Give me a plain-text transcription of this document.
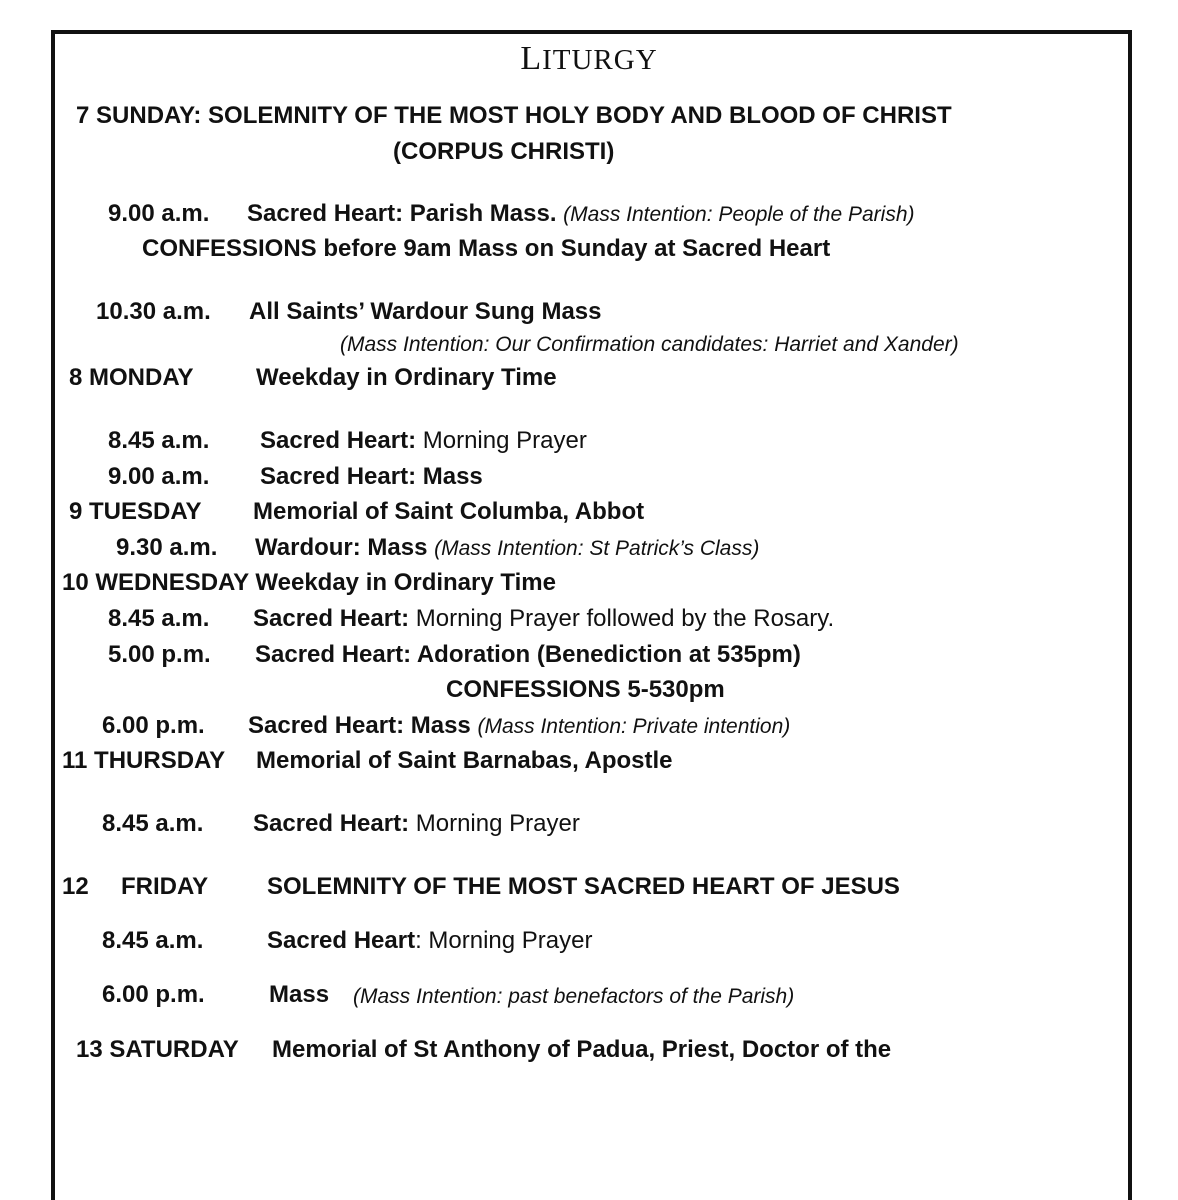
LITURGY
7 SUNDAY: SOLEMNITY OF THE MOST HOLY BODY AND BLOOD OF CHRIST
(CORPUS CHRISTI)
9.00 a.m. Sacred Heart: Parish Mass. (Mass Intention: People of the Parish)
CONFESSIONS before 9am Mass on Sunday at Sacred Heart
10.30 a.m. All Saints’ Wardour Sung Mass
(Mass Intention: Our Confirmation candidates: Harriet and Xander)
8 MONDAY	Weekday in Ordinary Time
8.45 a.m. Sacred Heart: Morning Prayer
9.00 a.m. Sacred Heart: Mass
9 TUESDAY Memorial of Saint Columba, Abbot
9.30 a.m. Wardour: Mass (Mass Intention: St Patrick’s Class)
10 WEDNESDAY Weekday in Ordinary Time
8.45 a.m. Sacred Heart: Morning Prayer followed by the Rosary.
5.00 p.m. Sacred Heart: Adoration (Benediction at 535pm)
CONFESSIONS 5-530pm
6.00 p.m. Sacred Heart: Mass (Mass Intention: Private intention)
11 THURSDAY Memorial of Saint Barnabas, Apostle
8.45 a.m. Sacred Heart: Morning Prayer
12 FRIDAY SOLEMNITY OF THE MOST SACRED HEART OF JESUS
8.45 a.m.	Sacred Heart: Morning Prayer
6.00 p.m.	Mass (Mass Intention: past benefactors of the Parish)
13 SATURDAY Memorial of St Anthony of Padua, Priest, Doctor of the
